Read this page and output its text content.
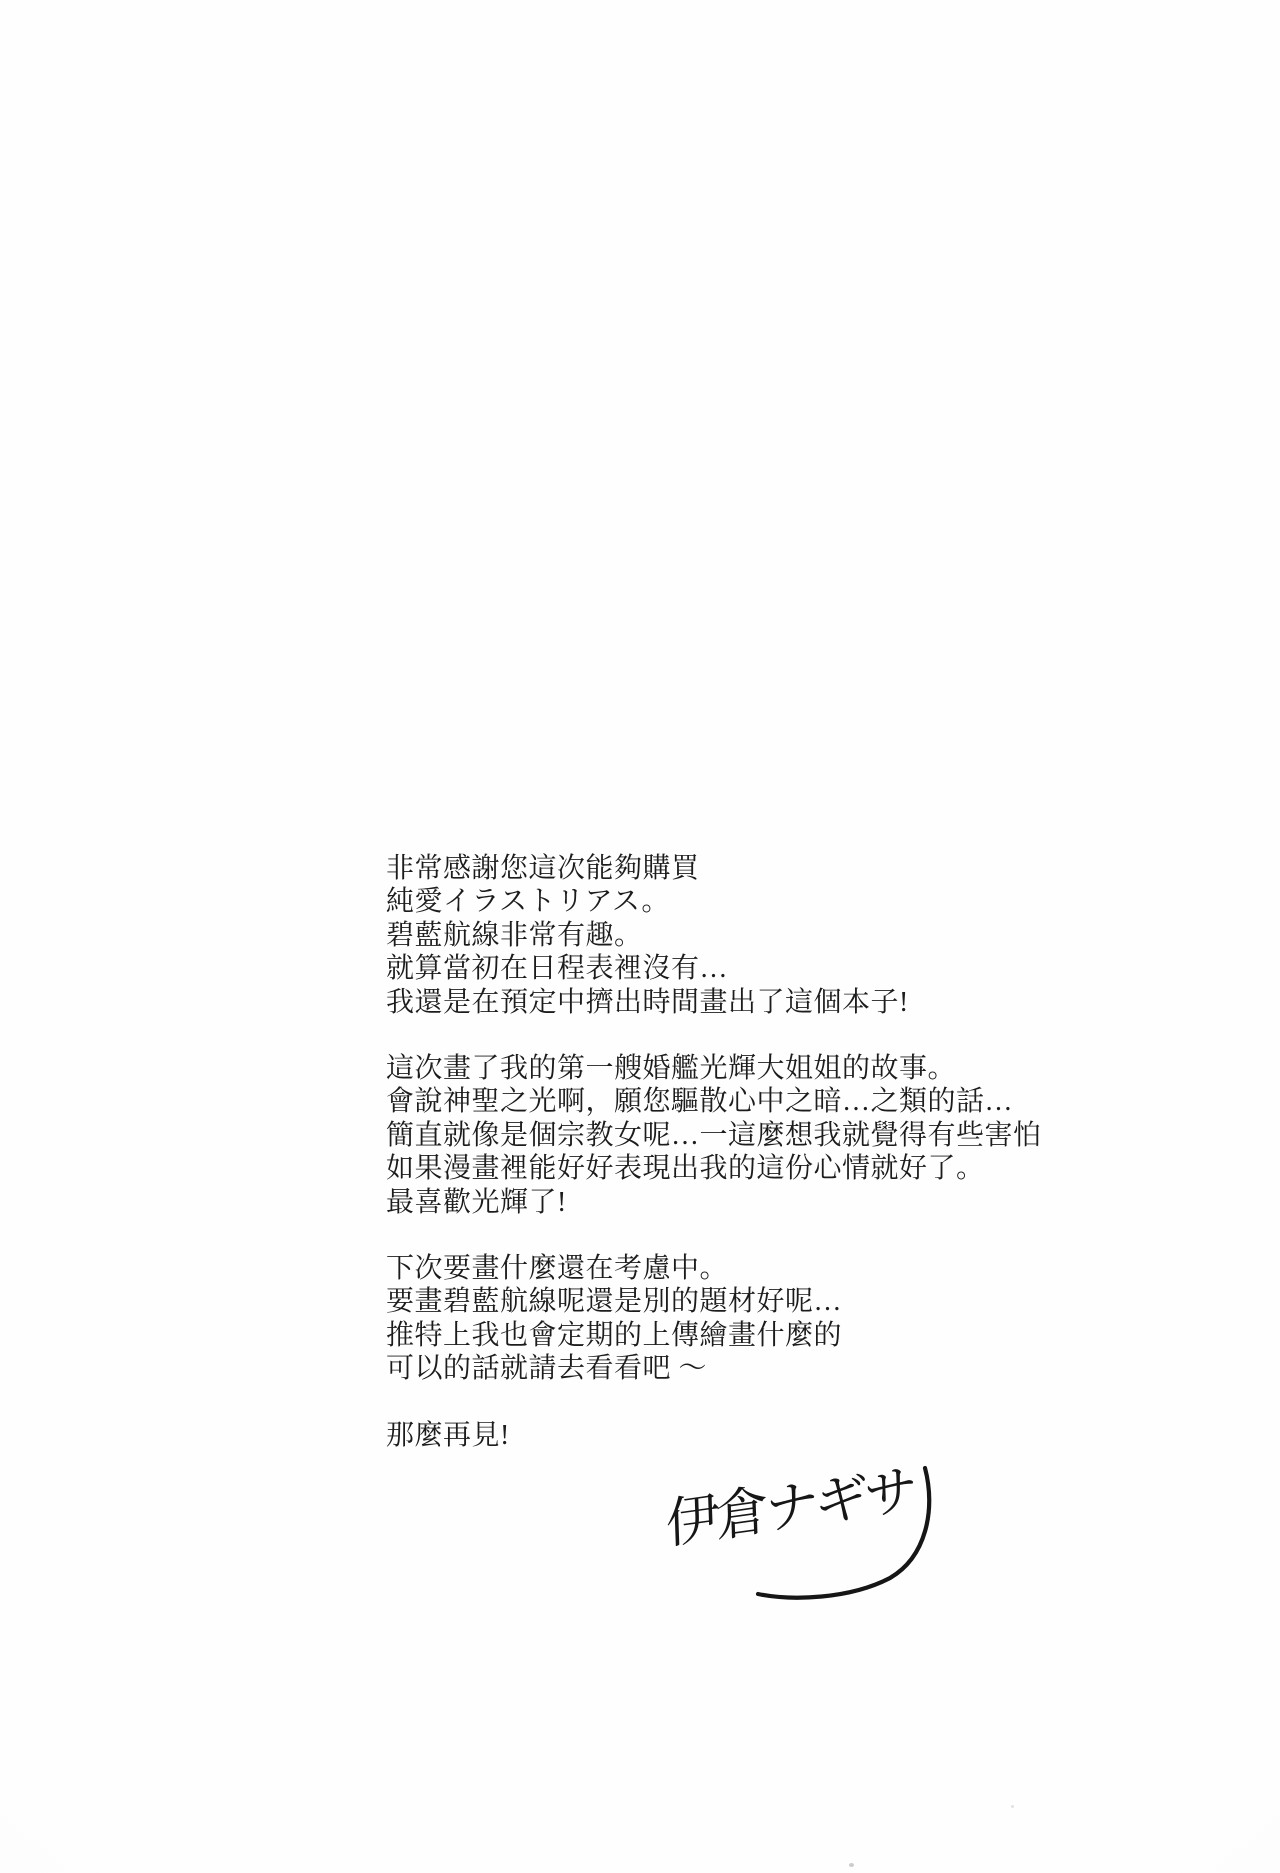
非常感謝您這次能夠購買
純愛イラストリアス。
碧藍航線非常有趣。
就算當初在日程表裡沒有…
我還是在預定中擠出時間畫出了這個本子!
這次畫了我的第一艘婚艦光輝大姐姐的故事。
會說神聖之光啊，願您驅散心中之暗…之類的話…
簡直就像是個宗教女呢…一這麼想我就覺得有些害怕
如果漫畫裡能好好表現出我的這份心情就好了。
最喜歡光輝了!
下次要畫什麼還在考慮中。
要畫碧藍航線呢還是別的題材好呢…
推特上我也會定期的上傳繪畫什麼的
可以的話就請去看看吧 ～
那麼再見!
伊倉ナギサ
